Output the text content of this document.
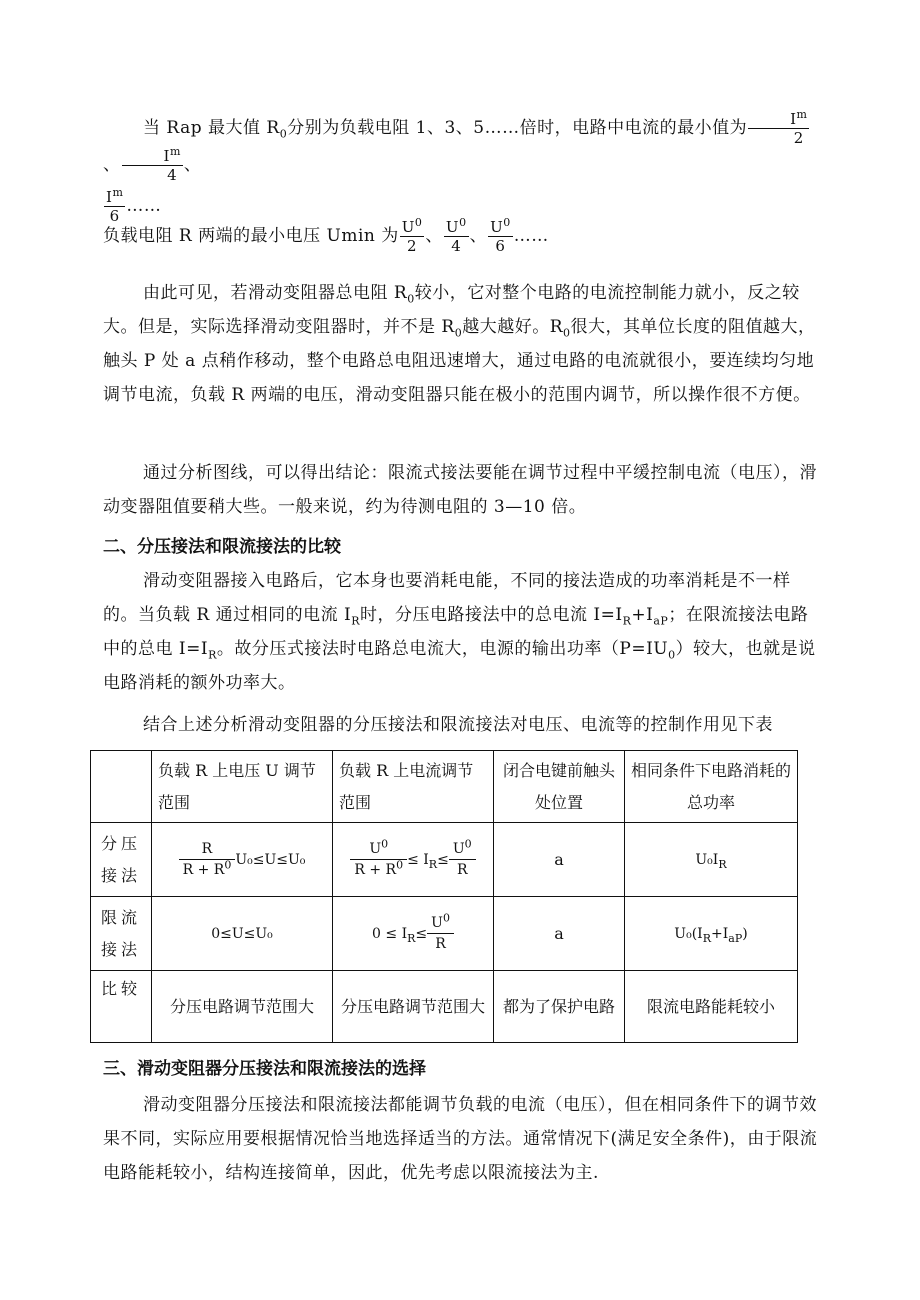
当 Rap 最大值 $R_0$分别为负载电阻 1、3、5……倍时，电路中电流的最小值为 $\frac{I^m}{2}$
、 $\frac{I^m}{4}$ 、

$\frac{I^m}{6}$ ……

负载电阻 R 两端的最小电压 Umin 为 $\frac{U^0}{2}$ 、 $\frac{U^0}{4}$ 、 $\frac{U^0}{6}$ ……

由此可见，若滑动变阻器总电阻 $R_0$较小，它对整个电路的电流控制能力就小，反之较大。但是，实际选择滑动变阻器时，并不是 $R_0$越大越好。$R_0$很大，其单位长度的阻值越大，触头 P 处 a 点稍作移动，整个电路总电阻迅速增大，通过电路的电流就很小，要连续均匀地调节电流，负载 R 两端的电压，滑动变阻器只能在极小的范围内调节，所以操作很不方便。

通过分析图线，可以得出结论：限流式接法要能在调节过程中平缓控制电流（电压），滑动变器阻值要稍大些。一般来说，约为待测电阻的 3—10 倍。

二、分压接法和限流接法的比较

滑动变阻器接入电路后，它本身也要消耗电能，不同的接法造成的功率消耗是不一样的。当负载 R 通过相同的电流 $I_R$时，分压电路接法中的总电流 $I=I_R+I_{aP}$；在限流接法电路中的总电 $I=I_R$。故分压式接法时电路总电流大，电源的输出功率$(P=IU_0)$较大，也就是说电路消耗的额外功率大。

结合上述分析滑动变阻器的分压接法和限流接法对电压、电流等的控制作用见下表

	负载 R 上电压 U 调节范围	负载 R 上电流调节范围	闭合电键前触头处位置	相同条件下电路消耗的总功率
分压接法	$\frac{R}{R + R^0} U_0\le U\le U_0$	$\frac{U^0}{R + R^0} \le I_R\le \frac{U^0}{R}$	a	$U_0I_R$
限流接法	0≤U≤U₀	$0 \le I_R\le \frac{U^0}{R}$	a	$U_0(I_R+I_{aP})$
比较	分压电路调节范围大	分压电路调节范围大	都为了保护电路	限流电路能耗较小
三、滑动变阻器分压接法和限流接法的选择

滑动变阻器分压接法和限流接法都能调节负载的电流（电压），但在相同条件下的调节效果不同，实际应用要根据情况恰当地选择适当的方法。通常情况下(满足安全条件)，由于限流电路能耗较小，结构连接简单，因此，优先考虑以限流接法为主.
